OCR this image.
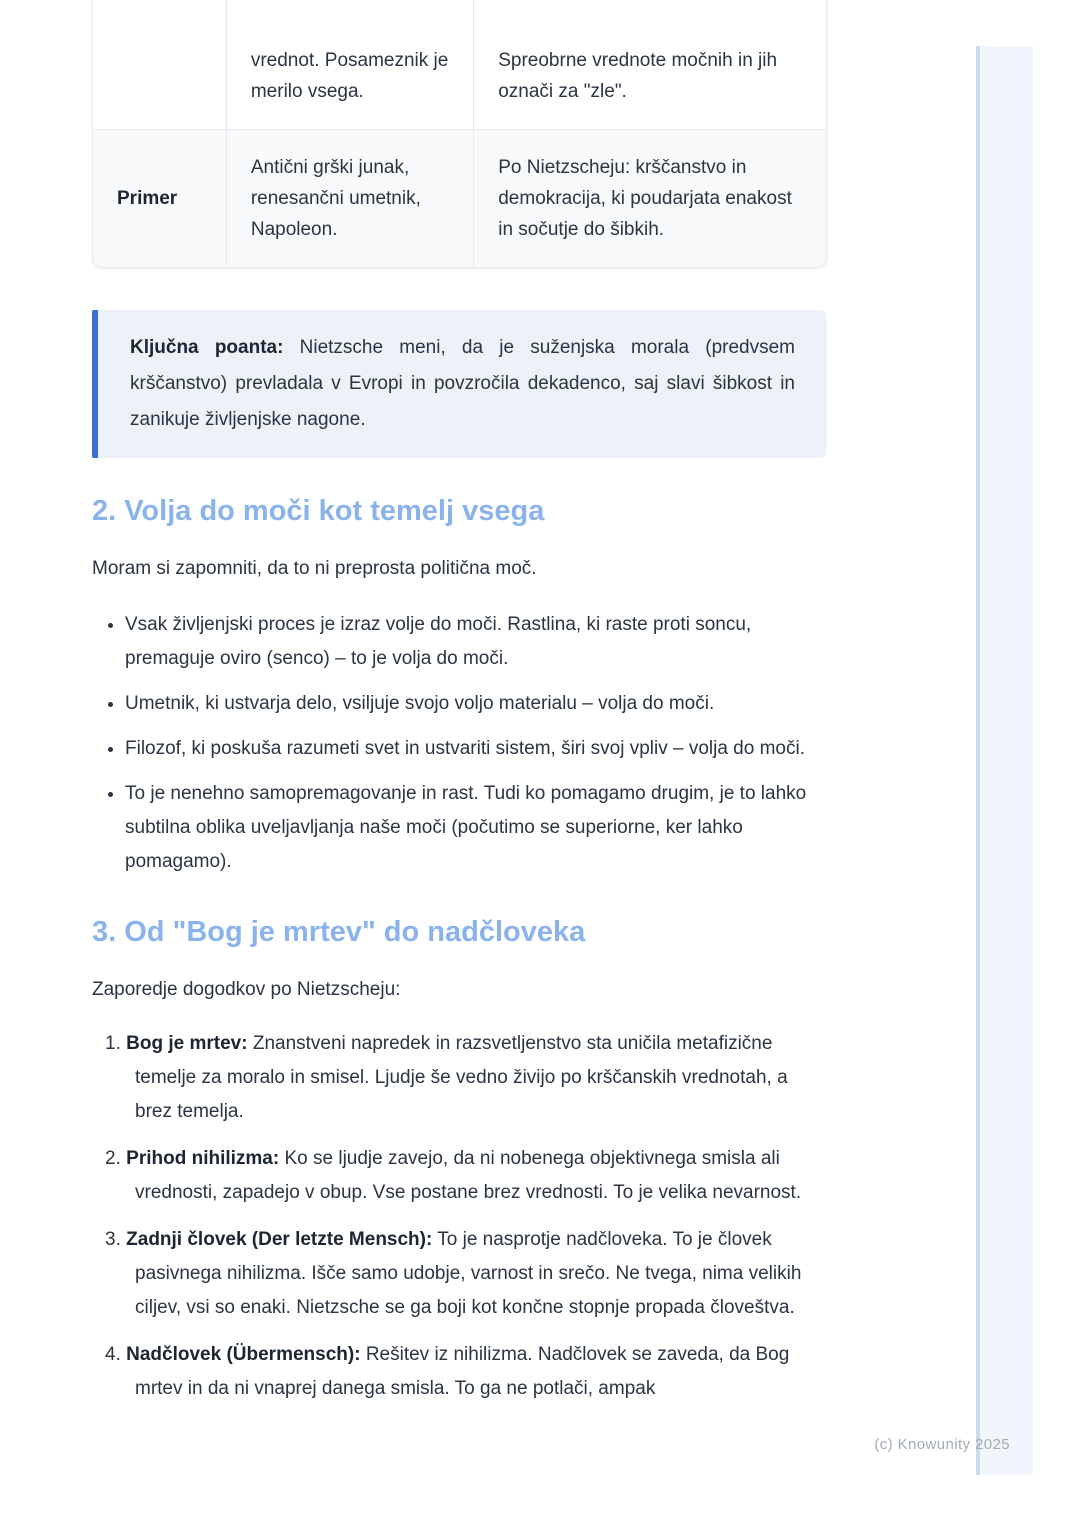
	vrednot. Posameznik je merilo vsega.	Spreobrne vrednote močnih in jih označi za "zle".
Primer	Antični grški junak, renesančni umetnik, Napoleon.	Po Nietzscheju: krščanstvo in demokracija, ki poudarjata enakost in sočutje do šibkih.
Ključna poanta: Nietzsche meni, da je suženjska morala (predvsem krščanstvo) prevladala v Evropi in povzročila dekadenco, saj slavi šibkost in zanikuje življenjske nagone.
2. Volja do moči kot temelj vsega

Moram si zapomniti, da to ni preprosta politična moč.

• Vsak življenjski proces je izraz volje do moči. Rastlina, ki raste proti soncu, premaguje oviro (senco) – to je volja do moči.
• Umetnik, ki ustvarja delo, vsiljuje svojo voljo materialu – volja do moči.
• Filozof, ki poskuša razumeti svet in ustvariti sistem, širi svoj vpliv – volja do moči.
• To je nenehno samopremagovanje in rast. Tudi ko pomagamo drugim, je to lahko subtilna oblika uveljavljanja naše moči (počutimo se superiorne, ker lahko pomagamo).
3. Od "Bog je mrtev" do nadčloveka

Zaporedje dogodkov po Nietzscheju:

1. Bog je mrtev: Znanstveni napredek in razsvetljenstvo sta uničila metafizične temelje za moralo in smisel. Ljudje še vedno živijo po krščanskih vrednotah, a brez temelja.
2. Prihod nihilizma: Ko se ljudje zavejo, da ni nobenega objektivnega smisla ali vrednosti, zapadejo v obup. Vse postane brez vrednosti. To je velika nevarnost.
3. Zadnji človek (Der letzte Mensch): To je nasprotje nadčloveka. To je človek pasivnega nihilizma. Išče samo udobje, varnost in srečo. Ne tvega, nima velikih ciljev, vsi so enaki. Nietzsche se ga boji kot končne stopnje propada človeštva.
4. Nadčlovek (Übermensch): Rešitev iz nihilizma. Nadčlovek se zaveda, da Bog mrtev in da ni vnaprej danega smisla. To ga ne potlači, ampak
(c) Knowunity 2025
